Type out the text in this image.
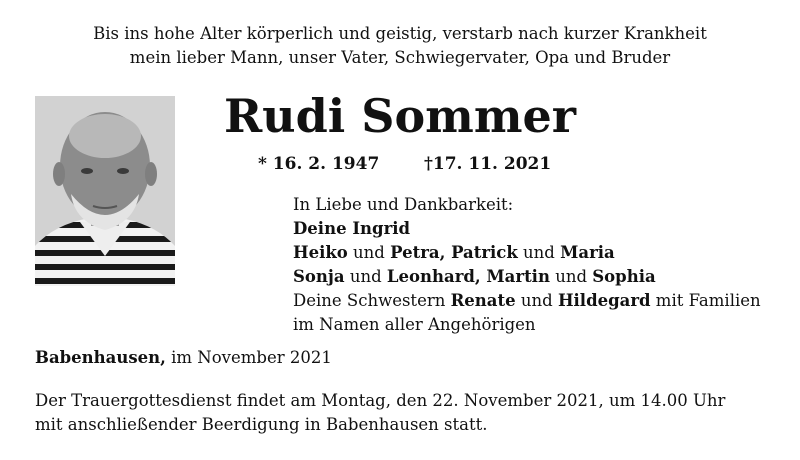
Bis ins hohe Alter körperlich und geistig, verstarb nach kurzer Krankheit
mein lieber Mann, unser Vater, Schwiegervater, Opa und Bruder
Rudi Sommer
* 16. 2. 1947	†17. 11. 2021
In Liebe und Dankbarkeit:
Deine Ingrid
Heiko und Petra, Patrick und Maria
Sonja und Leonhard, Martin und Sophia
Deine Schwestern Renate und Hildegard mit Familien
im Namen aller Angehörigen
Babenhausen, im November 2021
Der Trauergottesdienst findet am Montag, den 22. November 2021, um 14.00 Uhr
mit anschließender Beerdigung in Babenhausen statt.
